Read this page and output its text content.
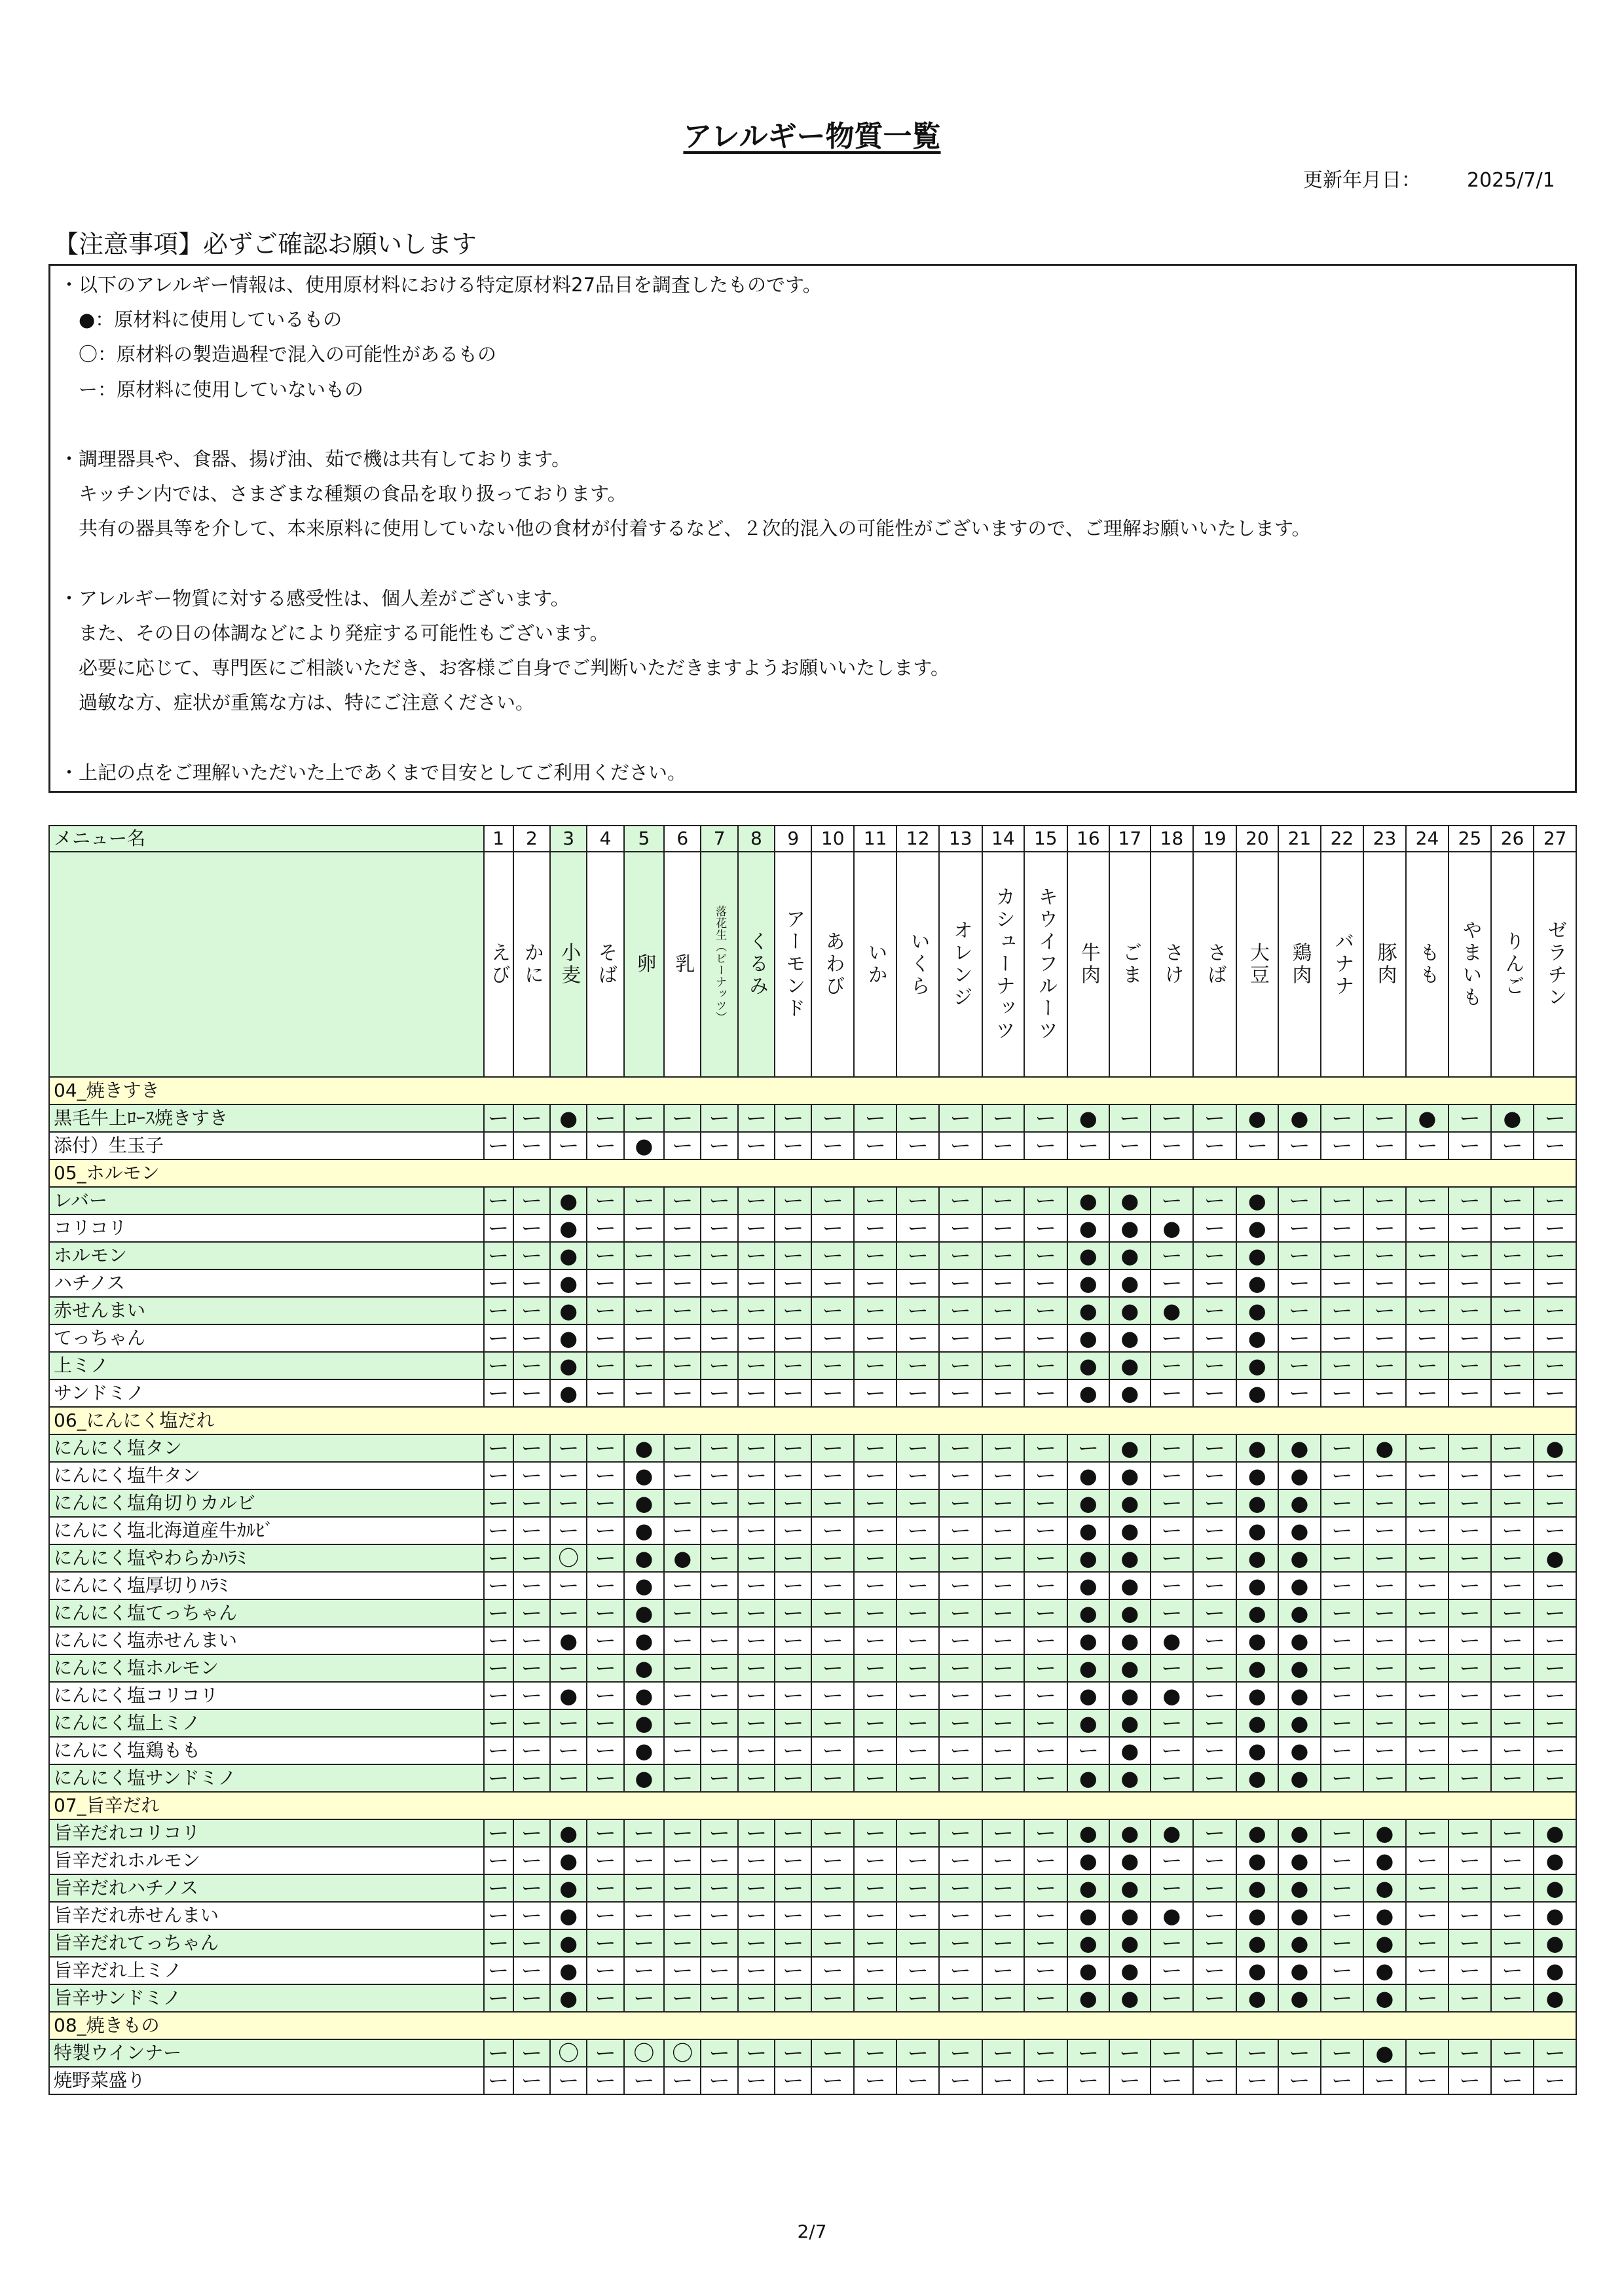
アレルギー物質一覧
更新年月日： 2025/7/1
【注意事項】必ずご確認お願いします
・以下のアレルギー情報は、使用原材料における特定原材料27品目を調査したものです。
　●：原材料に使用しているもの
　〇：原材料の製造過程で混入の可能性があるもの
　ー：原材料に使用していないもの
・調理器具や、食器、揚げ油、茹で機は共有しております。
　キッチン内では、さまざまな種類の食品を取り扱っております。
　共有の器具等を介して、本来原料に使用していない他の食材が付着するなど、２次的混入の可能性がございますので、ご理解お願いいたします。
・アレルギー物質に対する感受性は、個人差がございます。
　また、その日の体調などにより発症する可能性もございます。
　必要に応じて、専門医にご相談いただき、お客様ご自身でご判断いただきますようお願いいたします。
　過敏な方、症状が重篤な方は、特にご注意ください。
・上記の点をご理解いただいた上であくまで目安としてご利用ください。
メニュー名	1	2	3	4	5	6	7	8	9	10	11	12	13	14	15	16	17	18	19	20	21	22	23	24	25	26	27

	えび	かに	小麦	そば	卵	乳	落花生（ピーナッツ）	くるみ	アーモンド	あわび	いか	いくら	オレンジ	カシューナッツ	キウイフルーツ	牛肉	ごま	さけ	さば	大豆	鶏肉	バナナ	豚肉	もも	やまいも	りんご	ゼラチン

04_焼きすき																											
黒毛牛上ﾛｰｽ焼きすき	ー	ー	●	ー	ー	ー	ー	ー	ー	ー	ー	ー	ー	ー	ー	●	ー	ー	ー	●	●	ー	ー	●	ー	●	ー
添付）生玉子	ー	ー	ー	ー	●	ー	ー	ー	ー	ー	ー	ー	ー	ー	ー	ー	ー	ー	ー	ー	ー	ー	ー	ー	ー	ー	ー
05_ホルモン																											
レバー	ー	ー	●	ー	ー	ー	ー	ー	ー	ー	ー	ー	ー	ー	ー	●	●	ー	ー	●	ー	ー	ー	ー	ー	ー	ー
コリコリ	ー	ー	●	ー	ー	ー	ー	ー	ー	ー	ー	ー	ー	ー	ー	●	●	●	ー	●	ー	ー	ー	ー	ー	ー	ー
ホルモン	ー	ー	●	ー	ー	ー	ー	ー	ー	ー	ー	ー	ー	ー	ー	●	●	ー	ー	●	ー	ー	ー	ー	ー	ー	ー
ハチノス	ー	ー	●	ー	ー	ー	ー	ー	ー	ー	ー	ー	ー	ー	ー	●	●	ー	ー	●	ー	ー	ー	ー	ー	ー	ー
赤せんまい	ー	ー	●	ー	ー	ー	ー	ー	ー	ー	ー	ー	ー	ー	ー	●	●	●	ー	●	ー	ー	ー	ー	ー	ー	ー
てっちゃん	ー	ー	●	ー	ー	ー	ー	ー	ー	ー	ー	ー	ー	ー	ー	●	●	ー	ー	●	ー	ー	ー	ー	ー	ー	ー
上ミノ	ー	ー	●	ー	ー	ー	ー	ー	ー	ー	ー	ー	ー	ー	ー	●	●	ー	ー	●	ー	ー	ー	ー	ー	ー	ー
サンドミノ	ー	ー	●	ー	ー	ー	ー	ー	ー	ー	ー	ー	ー	ー	ー	●	●	ー	ー	●	ー	ー	ー	ー	ー	ー	ー
06_にんにく塩だれ																											
にんにく塩タン	ー	ー	ー	ー	●	ー	ー	ー	ー	ー	ー	ー	ー	ー	ー	ー	●	ー	ー	●	●	ー	●	ー	ー	ー	●
にんにく塩牛タン	ー	ー	ー	ー	●	ー	ー	ー	ー	ー	ー	ー	ー	ー	ー	●	●	ー	ー	●	●	ー	ー	ー	ー	ー	ー
にんにく塩角切りカルビ	ー	ー	ー	ー	●	ー	ー	ー	ー	ー	ー	ー	ー	ー	ー	●	●	ー	ー	●	●	ー	ー	ー	ー	ー	ー
にんにく塩北海道産牛ｶﾙﾋﾞ	ー	ー	ー	ー	●	ー	ー	ー	ー	ー	ー	ー	ー	ー	ー	●	●	ー	ー	●	●	ー	ー	ー	ー	ー	ー
にんにく塩やわらかﾊﾗﾐ	ー	ー	〇	ー	●	●	ー	ー	ー	ー	ー	ー	ー	ー	ー	●	●	ー	ー	●	●	ー	ー	ー	ー	ー	●
にんにく塩厚切りﾊﾗﾐ	ー	ー	ー	ー	●	ー	ー	ー	ー	ー	ー	ー	ー	ー	ー	●	●	ー	ー	●	●	ー	ー	ー	ー	ー	ー
にんにく塩てっちゃん	ー	ー	ー	ー	●	ー	ー	ー	ー	ー	ー	ー	ー	ー	ー	●	●	ー	ー	●	●	ー	ー	ー	ー	ー	ー
にんにく塩赤せんまい	ー	ー	●	ー	●	ー	ー	ー	ー	ー	ー	ー	ー	ー	ー	●	●	●	ー	●	●	ー	ー	ー	ー	ー	ー
にんにく塩ホルモン	ー	ー	ー	ー	●	ー	ー	ー	ー	ー	ー	ー	ー	ー	ー	●	●	ー	ー	●	●	ー	ー	ー	ー	ー	ー
にんにく塩コリコリ	ー	ー	●	ー	●	ー	ー	ー	ー	ー	ー	ー	ー	ー	ー	●	●	●	ー	●	●	ー	ー	ー	ー	ー	ー
にんにく塩上ミノ	ー	ー	ー	ー	●	ー	ー	ー	ー	ー	ー	ー	ー	ー	ー	●	●	ー	ー	●	●	ー	ー	ー	ー	ー	ー
にんにく塩鶏もも	ー	ー	ー	ー	●	ー	ー	ー	ー	ー	ー	ー	ー	ー	ー	ー	●	ー	ー	●	●	ー	ー	ー	ー	ー	ー
にんにく塩サンドミノ	ー	ー	ー	ー	●	ー	ー	ー	ー	ー	ー	ー	ー	ー	ー	●	●	ー	ー	●	●	ー	ー	ー	ー	ー	ー
07_旨辛だれ																											
旨辛だれコリコリ	ー	ー	●	ー	ー	ー	ー	ー	ー	ー	ー	ー	ー	ー	ー	●	●	●	ー	●	●	ー	●	ー	ー	ー	●
旨辛だれホルモン	ー	ー	●	ー	ー	ー	ー	ー	ー	ー	ー	ー	ー	ー	ー	●	●	ー	ー	●	●	ー	●	ー	ー	ー	●
旨辛だれハチノス	ー	ー	●	ー	ー	ー	ー	ー	ー	ー	ー	ー	ー	ー	ー	●	●	ー	ー	●	●	ー	●	ー	ー	ー	●
旨辛だれ赤せんまい	ー	ー	●	ー	ー	ー	ー	ー	ー	ー	ー	ー	ー	ー	ー	●	●	●	ー	●	●	ー	●	ー	ー	ー	●
旨辛だれてっちゃん	ー	ー	●	ー	ー	ー	ー	ー	ー	ー	ー	ー	ー	ー	ー	●	●	ー	ー	●	●	ー	●	ー	ー	ー	●
旨辛だれ上ミノ	ー	ー	●	ー	ー	ー	ー	ー	ー	ー	ー	ー	ー	ー	ー	●	●	ー	ー	●	●	ー	●	ー	ー	ー	●
旨辛サンドミノ	ー	ー	●	ー	ー	ー	ー	ー	ー	ー	ー	ー	ー	ー	ー	●	●	ー	ー	●	●	ー	●	ー	ー	ー	●
08_焼きもの																											
特製ウインナー	ー	ー	〇	ー	〇	〇	ー	ー	ー	ー	ー	ー	ー	ー	ー	ー	ー	ー	ー	ー	ー	ー	●	ー	ー	ー	ー
焼野菜盛り	ー	ー	ー	ー	ー	ー	ー	ー	ー	ー	ー	ー	ー	ー	ー	ー	ー	ー	ー	ー	ー	ー	ー	ー	ー	ー	ー
2/7
